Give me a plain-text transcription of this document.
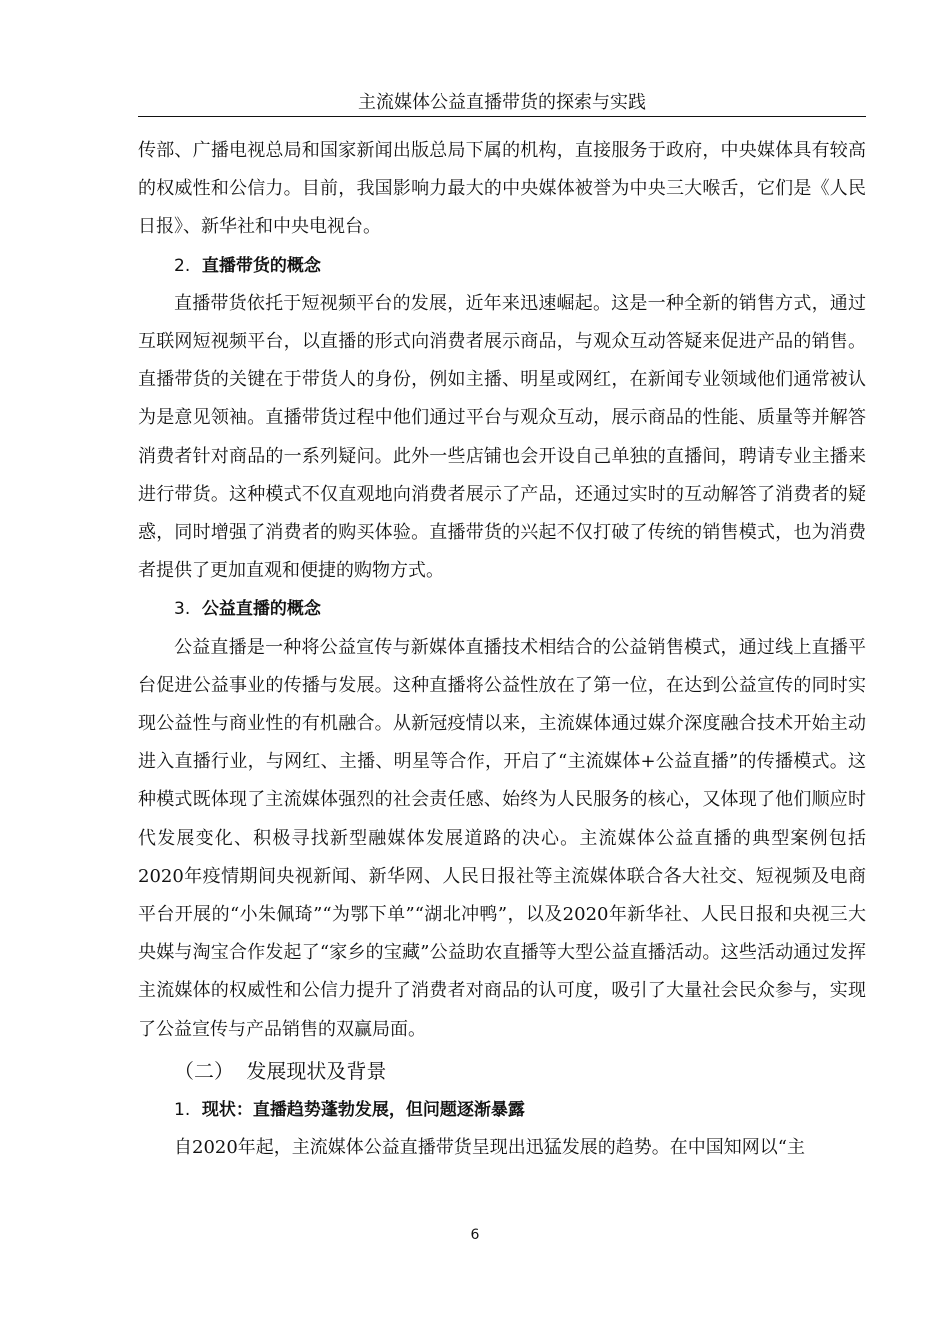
主流媒体公益直播带货的探索与实践

传部、广播电视总局和国家新闻出版总局下属的机构，直接服务于政府，中央媒体具有较高的权威性和公信力。目前，我国影响力最大的中央媒体被誉为中央三大喉舌，它们是《人民日报》、新华社和中央电视台。

2. 直播带货的概念

直播带货依托于短视频平台的发展，近年来迅速崛起。这是一种全新的销售方式，通过互联网短视频平台，以直播的形式向消费者展示商品，与观众互动答疑来促进产品的销售。直播带货的关键在于带货人的身份，例如主播、明星或网红，在新闻专业领域他们通常被认为是意见领袖。直播带货过程中他们通过平台与观众互动，展示商品的性能、质量等并解答消费者针对商品的一系列疑问。此外一些店铺也会开设自己单独的直播间，聘请专业主播来进行带货。这种模式不仅直观地向消费者展示了产品，还通过实时的互动解答了消费者的疑惑，同时增强了消费者的购买体验。直播带货的兴起不仅打破了传统的销售模式，也为消费者提供了更加直观和便捷的购物方式。

3. 公益直播的概念

公益直播是一种将公益宣传与新媒体直播技术相结合的公益销售模式，通过线上直播平台促进公益事业的传播与发展。这种直播将公益性放在了第一位，在达到公益宣传的同时实现公益性与商业性的有机融合。从新冠疫情以来，主流媒体通过媒介深度融合技术开始主动进入直播行业，与网红、主播、明星等合作，开启了“主流媒体+公益直播”的传播模式。这种模式既体现了主流媒体强烈的社会责任感、始终为人民服务的核心，又体现了他们顺应时代发展变化、积极寻找新型融媒体发展道路的决心。主流媒体公益直播的典型案例包括2020年疫情期间央视新闻、新华网、人民日报社等主流媒体联合各大社交、短视频及电商平台开展的“小朱佩琦”“为鄂下单”“湖北冲鸭”，以及2020年新华社、人民日报和央视三大央媒与淘宝合作发起了“家乡的宝藏”公益助农直播等大型公益直播活动。这些活动通过发挥主流媒体的权威性和公信力提升了消费者对商品的认可度，吸引了大量社会民众参与，实现了公益宣传与产品销售的双赢局面。

（二） 发展现状及背景
1. 现状：直播趋势蓬勃发展，但问题逐渐暴露

自2020年起，主流媒体公益直播带货呈现出迅猛发展的趋势。在中国知网以“主

6
